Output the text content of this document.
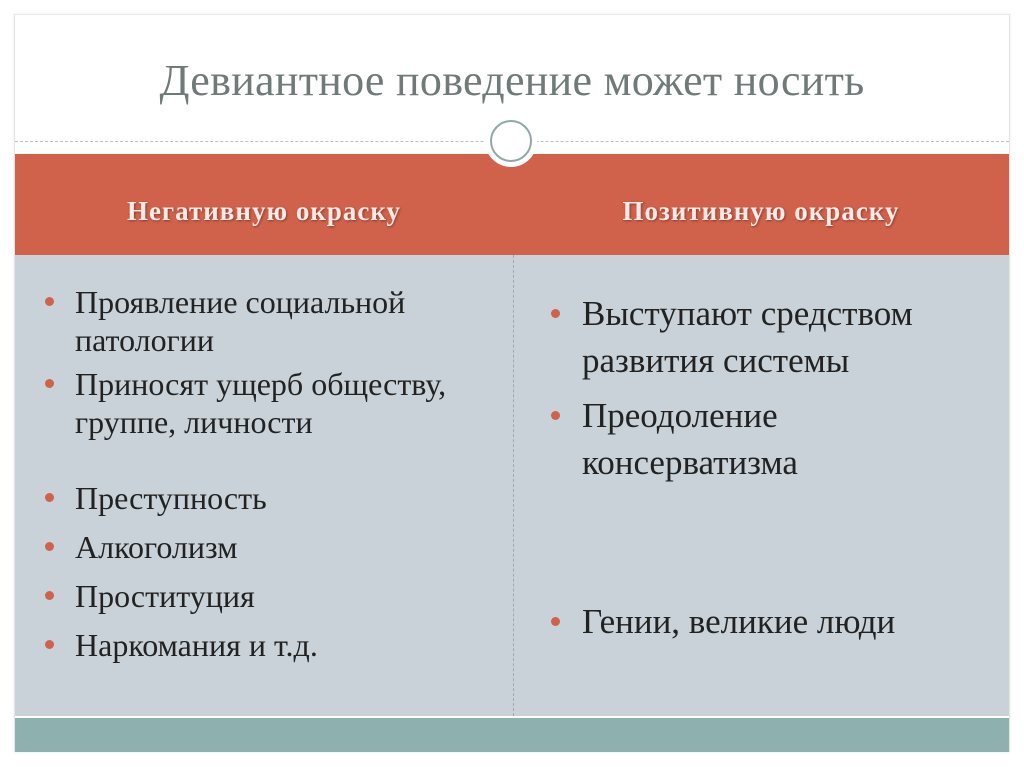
Девиантное поведение может носить
Негативную окраску	Позитивную окраску
Проявление социальной патологии
Приносят ущерб обществу, группе, личности
Преступность
Алкоголизм
Проституция
Наркомания и т.д.
Выступают средством развития системы
Преодоление консерватизма
Гении, великие люди
